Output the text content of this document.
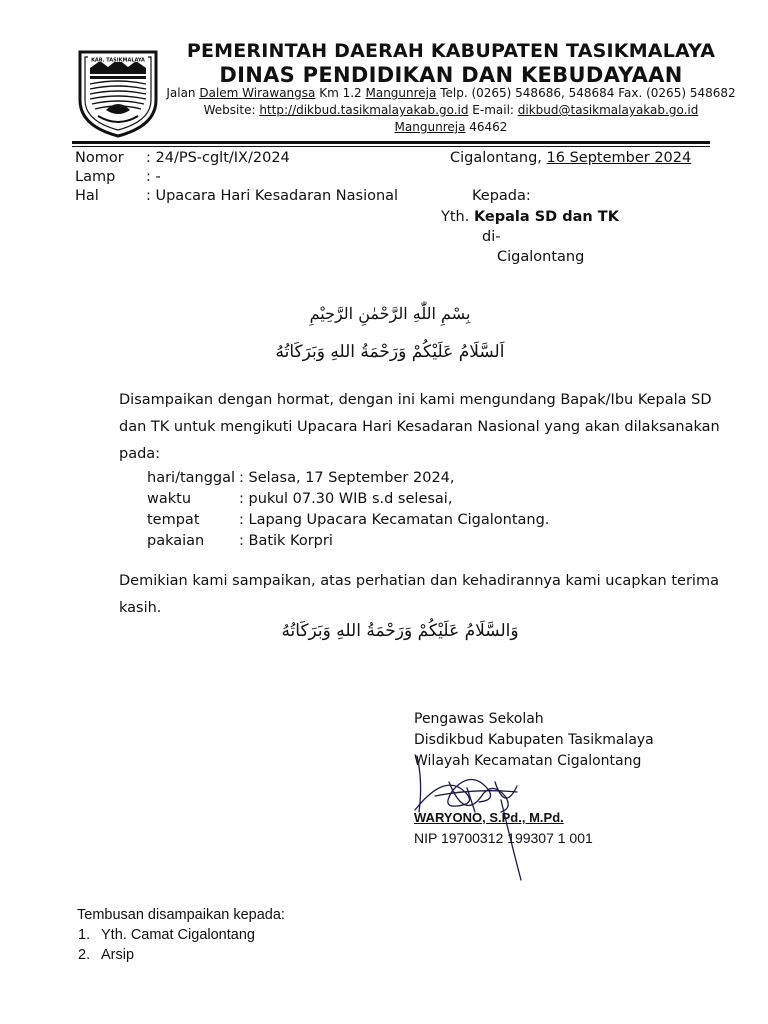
KAB. TASIKMALAYA	PEMERINTAH DAERAH KABUPATEN TASIKMALAYA
DINAS PENDIDIKAN DAN KEBUDAYAAN
Jalan Dalem Wirawangsa Km 1.2 Mangunreja Telp. (0265) 548686, 548684 Fax. (0265) 548682
Website: http://dikbud.tasikmalayakab.go.id E-mail: dikbud@tasikmalayakab.go.id
Mangunreja 46462
Nomor : 24/PS-cglt/IX/2024
Lamp : -
Hal	: Upacara Hari Kesadaran Nasional
Cigalontang, 16 September 2024
Kepada:
Yth. Kepala SD dan TK
di-
Cigalontang
بِسْمِ اللّٰهِ الرَّحْمٰنِ الرَّحِيْمِ
اَلسَّلَامُ عَلَيْكُمْ وَرَحْمَةُ اللهِ وَبَرَكَاتُهُ
Disampaikan dengan hormat, dengan ini kami mengundang Bapak/Ibu Kepala SD
dan TK untuk mengikuti Upacara Hari Kesadaran Nasional yang akan dilaksanakan
pada:
hari/tanggal : Selasa, 17 September 2024,
waktu	: pukul 07.30 WIB s.d selesai,
tempat	: Lapang Upacara Kecamatan Cigalontang.
pakaian : Batik Korpri
Demikian kami sampaikan, atas perhatian dan kehadirannya kami ucapkan terima
kasih.
وَالسَّلَامُ عَلَيْكُمْ وَرَحْمَةُ اللهِ وَبَرَكَاتُهُ
Pengawas Sekolah
Disdikbud Kabupaten Tasikmalaya
Wilayah Kecamatan Cigalontang
WARYONO, S.Pd., M.Pd.
NIP 19700312 199307 1 001
Tembusan disampaikan kepada:
1. Yth. Camat Cigalontang
2. Arsip
